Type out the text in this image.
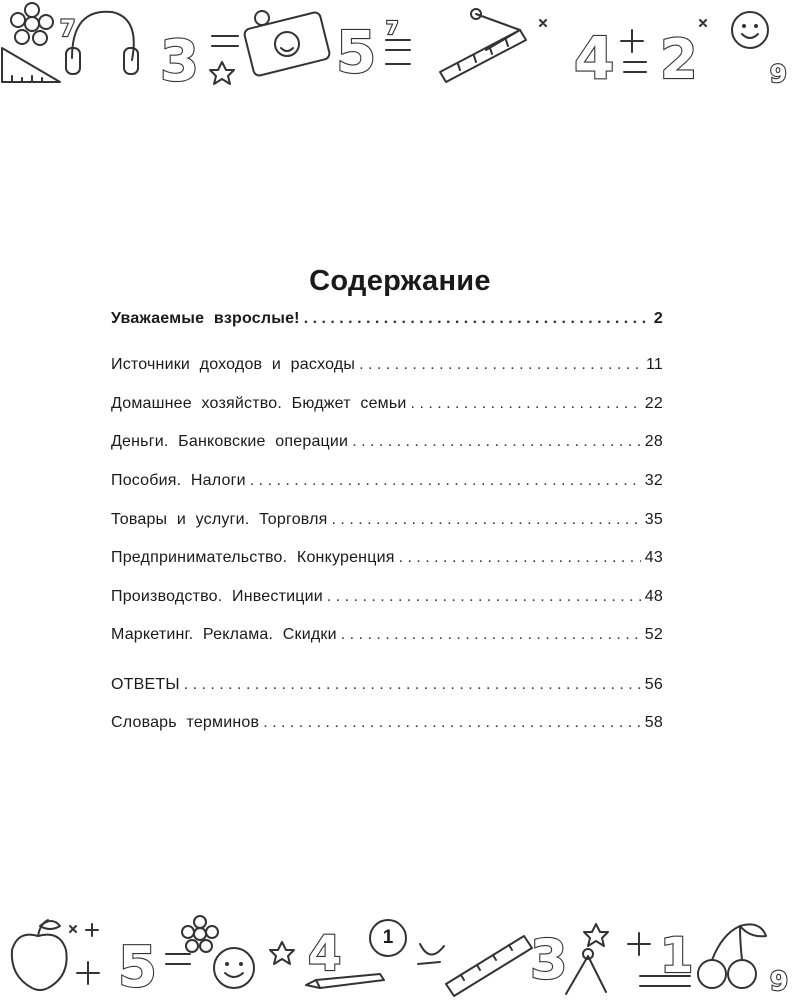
7 3 5 7	4 2	9
Содержание
Уважаемые взрослые! . . .	2
Источники доходов и расходы . . .	11
Домашнее хозяйство. Бюджет семьи . . .	22
Деньги. Банковские операции . . .	28
Пособия. Налоги . . .	32
Товары и услуги. Торговля . . .	35
Предпринимательство. Конкуренция . . .	43
Производство. Инвестиции . . .	48
Маркетинг. Реклама. Скидки . . .	52
ОТВЕТЫ . . .	56
Словарь терминов . . .	58
5	4	3 1	9
1
